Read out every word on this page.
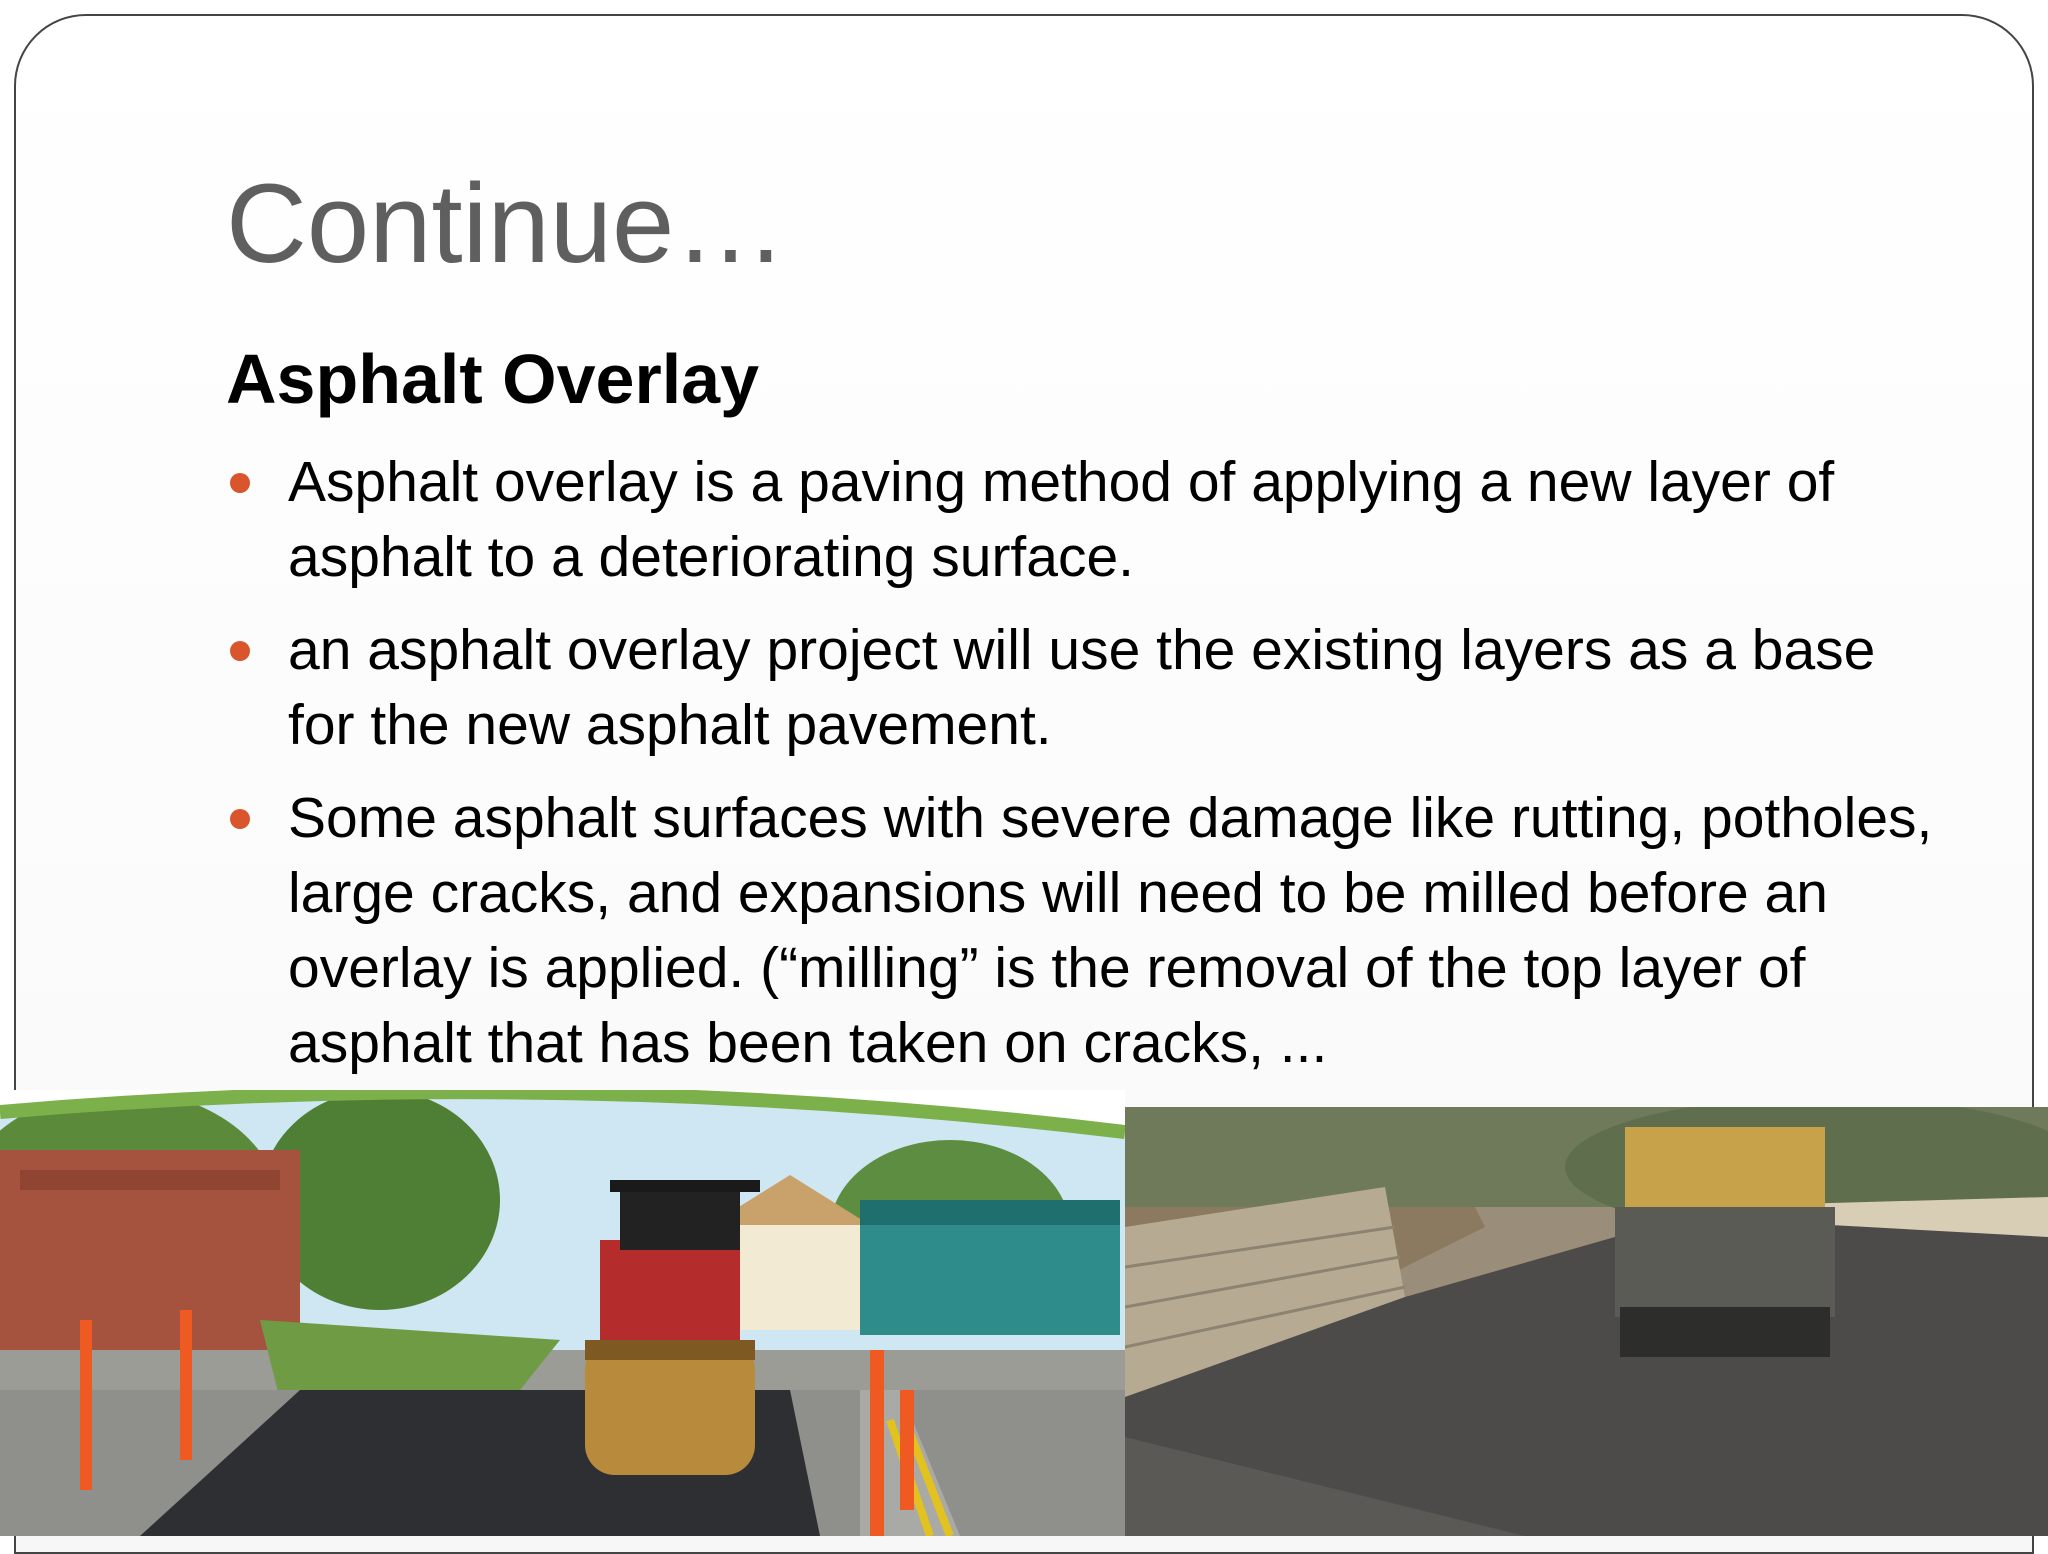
Continue…
Asphalt Overlay
Asphalt overlay is a paving method of applying a new layer of asphalt to a deteriorating surface.
an asphalt overlay project will use the existing layers as a base for the new asphalt pavement.
Some asphalt surfaces with severe damage like rutting, potholes, large cracks, and expansions will need to be milled before an overlay is applied. (“milling” is the removal of the top layer of asphalt that has been taken on cracks, ...
